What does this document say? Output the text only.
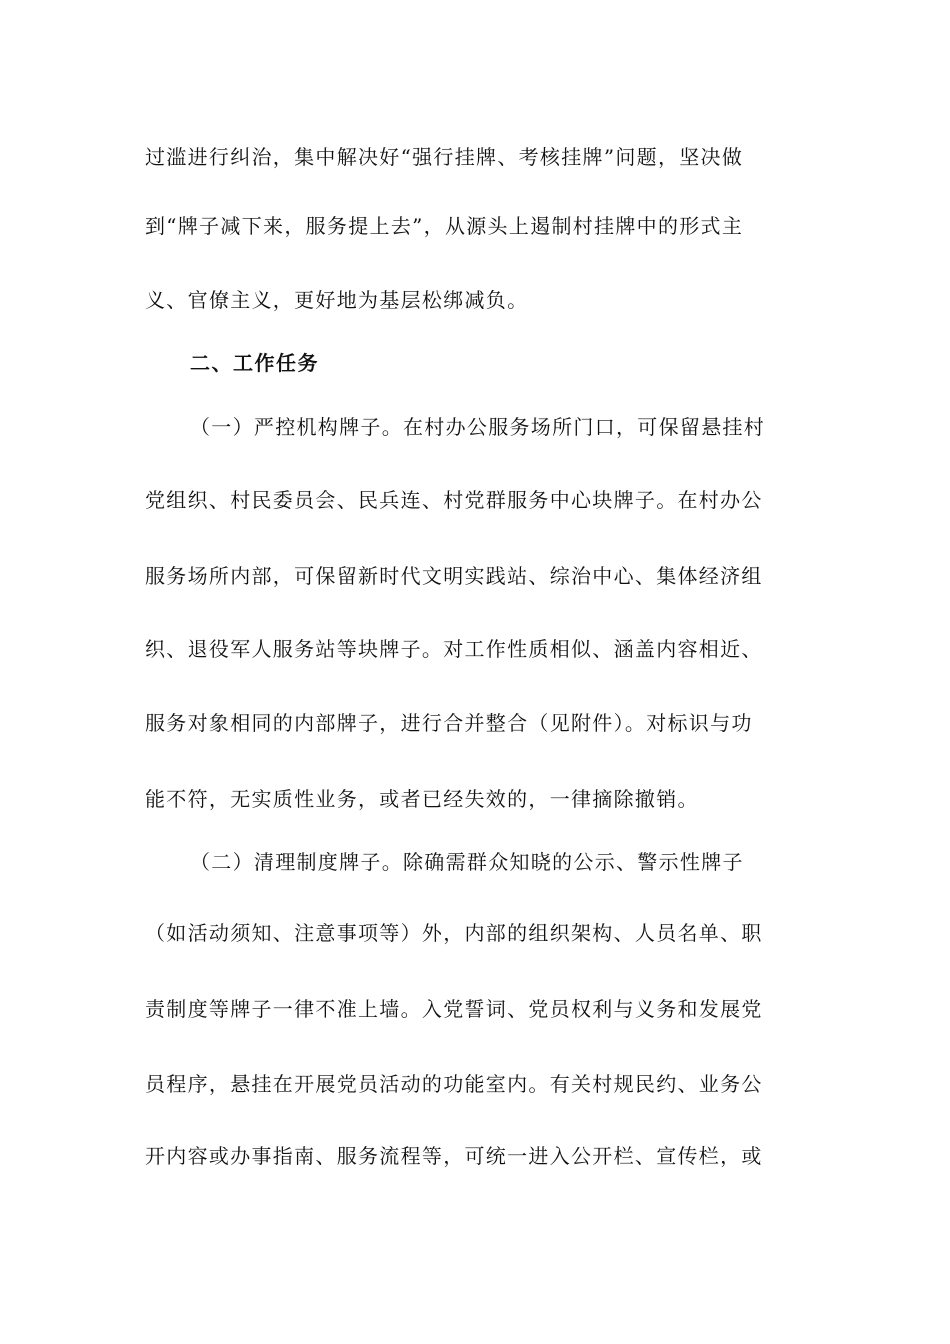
过滥进行纠治，集中解决好“强行挂牌、考核挂牌”问题，坚决做
到“牌子减下来，服务提上去”，从源头上遏制村挂牌中的形式主
义、官僚主义，更好地为基层松绑减负。
二、工作任务
（一）严控机构牌子。在村办公服务场所门口，可保留悬挂村
党组织、村民委员会、民兵连、村党群服务中心块牌子。在村办公
服务场所内部，可保留新时代文明实践站、综治中心、集体经济组
织、退役军人服务站等块牌子。对工作性质相似、涵盖内容相近、
服务对象相同的内部牌子，进行合并整合（见附件）。对标识与功
能不符，无实质性业务，或者已经失效的，一律摘除撤销。
（二）清理制度牌子。除确需群众知晓的公示、警示性牌子
（如活动须知、注意事项等）外，内部的组织架构、人员名单、职
责制度等牌子一律不准上墙。入党誓词、党员权利与义务和发展党
员程序，悬挂在开展党员活动的功能室内。有关村规民约、业务公
开内容或办事指南、服务流程等，可统一进入公开栏、宣传栏，或
